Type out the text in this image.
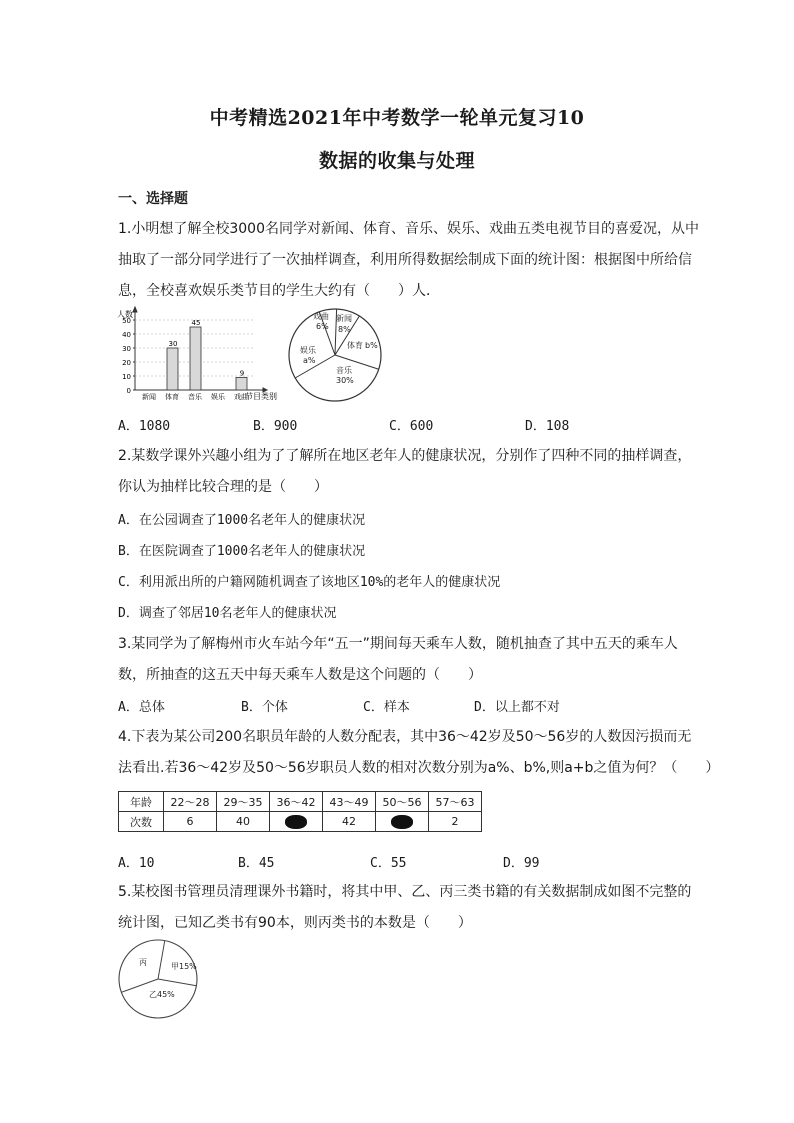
中考精选2021年中考数学一轮单元复习10
数据的收集与处理
一、选择题
1.小明想了解全校3000名同学对新闻、体育、音乐、娱乐、戏曲五类电视节目的喜爱况，从中
抽取了一部分同学进行了一次抽样调查，利用所得数据绘制成下面的统计图：根据图中所给信
息，全校喜欢娱乐类节目的学生大约有（　　）人．
人数
节目类别
0
10
20
30
40
50
30
45
9
新闻 体育 音乐 娱乐 戏曲
戏曲
6%
新闻
8%
体育 b%
音乐
30%
娱乐
a%
A．1080	B．900	C．600	D．108
2.某数学课外兴趣小组为了了解所在地区老年人的健康状况，分别作了四种不同的抽样调查，
你认为抽样比较合理的是（　　）
A．在公园调查了1000名老年人的健康状况
B．在医院调查了1000名老年人的健康状况
C．利用派出所的户籍网随机调查了该地区10%的老年人的健康状况
D．调查了邻居10名老年人的健康状况
3.某同学为了解梅州市火车站今年“五一”期间每天乘车人数，随机抽查了其中五天的乘车人
数，所抽查的这五天中每天乘车人数是这个问题的（　　）
A．总体	B．个体	C．样本	D．以上都不对
4.下表为某公司200名职员年龄的人数分配表，其中36～42岁及50～56岁的人数因污损而无
法看出.若36～42岁及50～56岁职员人数的相对次数分别为a%、b%,则a+b之值为何？（　　）
年龄	22～28	29～35	36～42	43～49	50～56	57～63
次数	6	40		42		2
A．10	B．45	C．55	D．99
5.某校图书管理员清理课外书籍时，将其中甲、乙、丙三类书籍的有关数据制成如图不完整的
统计图，已知乙类书有90本，则丙类书的本数是（　　）
丙	甲 15%
乙 45%
